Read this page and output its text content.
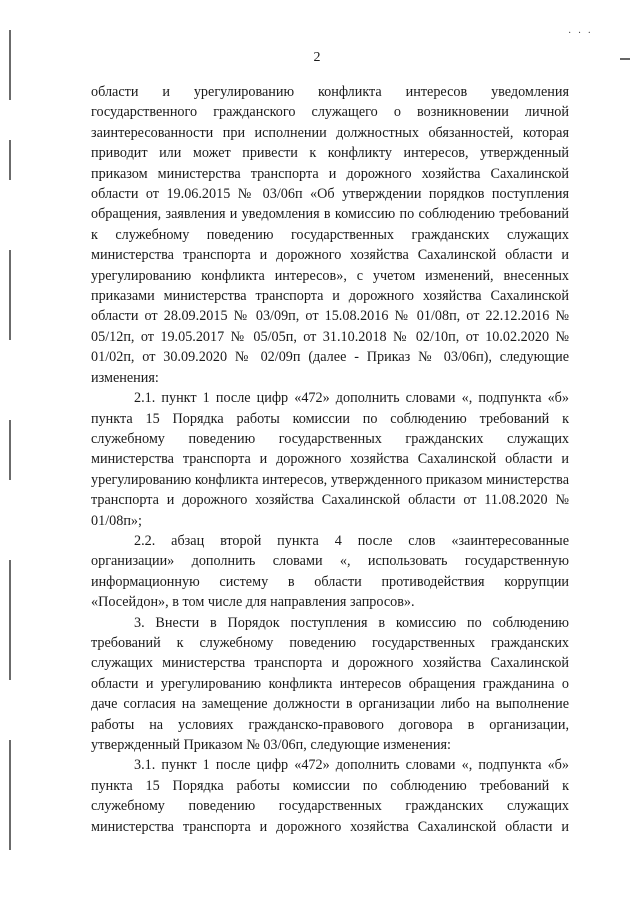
· · ·
2

области и урегулированию конфликта интересов уведомления государственного гражданского служащего о возникновении личной заинтересованности при исполнении должностных обязанностей, которая приводит или может привести к конфликту интересов, утвержденный приказом министерства транспорта и дорожного хозяйства Сахалинской области от 19.06.2015 № 03/06п «Об утверждении порядков поступления обращения, заявления и уведомления в комиссию по соблюдению требований к служебному поведению государственных гражданских служащих министерства транспорта и дорожного хозяйства Сахалинской области и урегулированию конфликта интересов», с учетом изменений, внесенных приказами министерства транспорта и дорожного хозяйства Сахалинской области от 28.09.2015 № 03/09п, от 15.08.2016 № 01/08п, от 22.12.2016 № 05/12п, от 19.05.2017 № 05/05п, от 31.10.2018 № 02/10п, от 10.02.2020 № 01/02п, от 30.09.2020 № 02/09п (далее - Приказ № 03/06п), следующие изменения:

2.1. пункт 1 после цифр «472» дополнить словами «, подпункта «б» пункта 15 Порядка работы комиссии по соблюдению требований к служебному поведению государственных гражданских служащих министерства транспорта и дорожного хозяйства Сахалинской области и урегулированию конфликта интересов, утвержденного приказом министерства транспорта и дорожного хозяйства Сахалинской области от 11.08.2020 № 01/08п»;

2.2. абзац второй пункта 4 после слов «заинтересованные организации» дополнить словами «, использовать государственную информационную систему в области противодействия коррупции «Посейдон», в том числе для направления запросов».

3. Внести в Порядок поступления в комиссию по соблюдению требований к служебному поведению государственных гражданских служащих министерства транспорта и дорожного хозяйства Сахалинской области и урегулированию конфликта интересов обращения гражданина о даче согласия на замещение должности в организации либо на выполнение работы на условиях гражданско-правового договора в организации, утвержденный Приказом № 03/06п, следующие изменения:

3.1. пункт 1 после цифр «472» дополнить словами «, подпункта «б» пункта 15 Порядка работы комиссии по соблюдению требований к служебному поведению государственных гражданских служащих министерства транспорта и дорожного хозяйства Сахалинской области и
